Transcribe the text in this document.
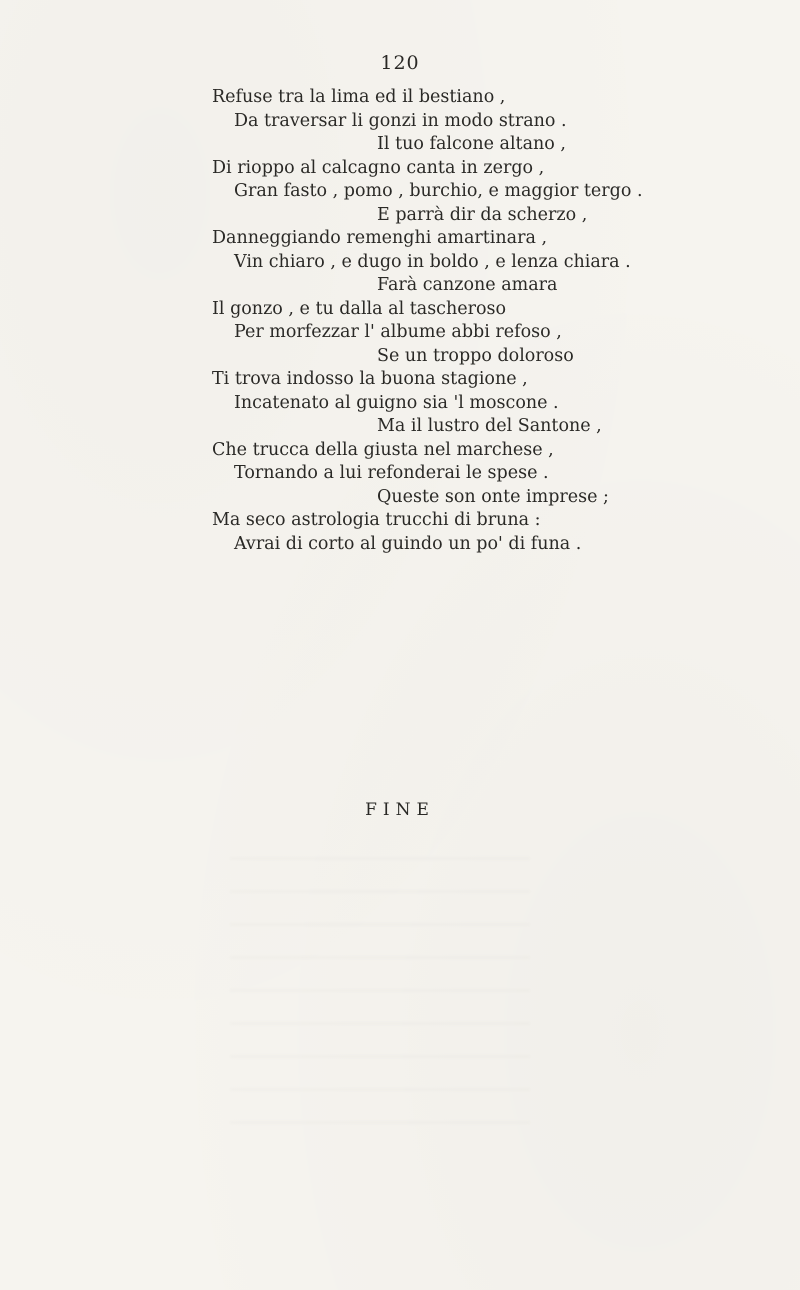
120
Refuse tra la lima ed il bestiano ,
Da traversar li gonzi in modo strano .
Il tuo falcone altano ,
Di rioppo al calcagno canta in zergo ,
Gran fasto , pomo , burchio, e maggior tergo .
E parrà dir da scherzo ,
Danneggiando remenghi amartinara ,
Vin chiaro , e dugo in boldo , e lenza chiara .
Farà canzone amara
Il gonzo , e tu dalla al tascheroso
Per morfezzar l' albume abbi refoso ,
Se un troppo doloroso
Ti trova indosso la buona stagione ,
Incatenato al guigno sia 'l moscone .
Ma il lustro del Santone ,
Che trucca della giusta nel marchese ,
Tornando a lui refonderai le spese .
Queste son onte imprese ;
Ma seco astrologia trucchi di bruna :
Avrai di corto al guindo un po' di funa .
FINE
